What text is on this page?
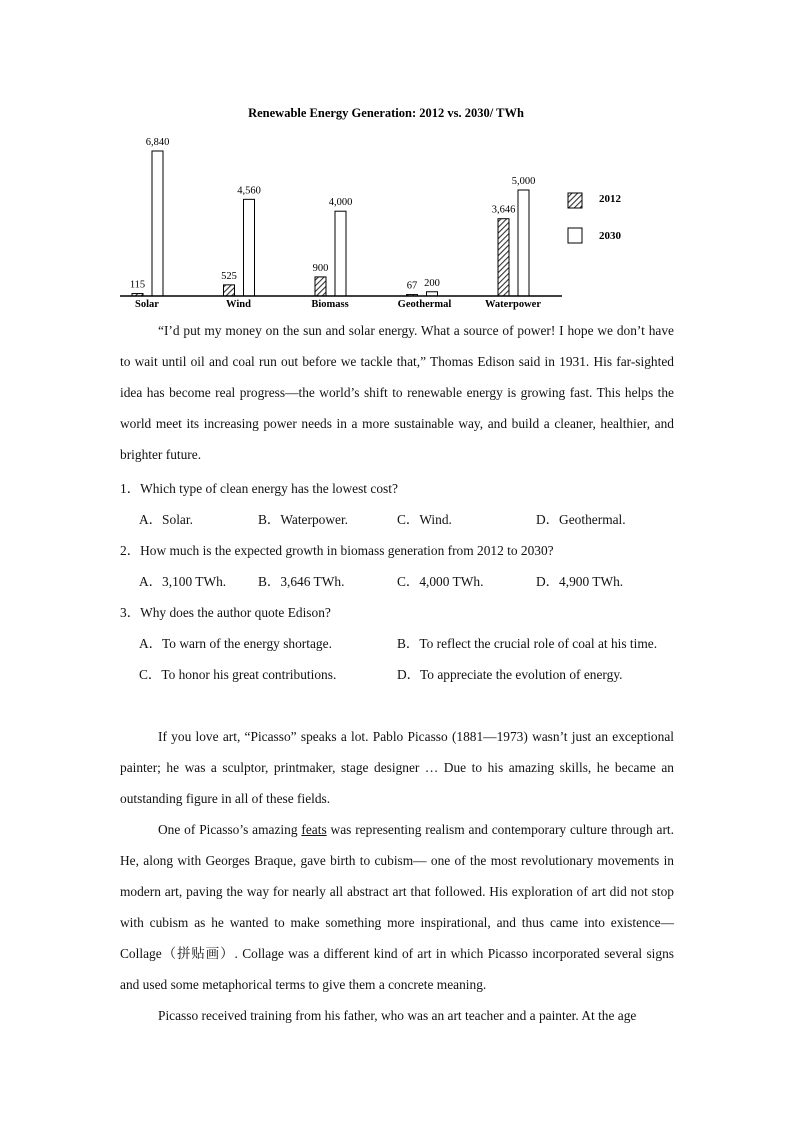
Renewable Energy Generation: 2012 vs. 2030/ TWh
115
6,840
Solar
525
4,560
Wind
900
4,000
Biomass
67 200
Geothermal
3,646
5,000
Waterpower
2012
2030

“I’d put my money on the sun and solar energy. What a source of power! I hope we don’t have to wait until oil and coal run out before we tackle that,” Thomas Edison said in 1931. His far-sighted idea has become real progress—the world’s shift to renewable energy is growing fast. This helps the world meet its increasing power needs in a more sustainable way, and build a cleaner, healthier, and brighter future.

1．Which type of clean energy has the lowest cost?

A．Solar.	B．Waterpower.	C．Wind.	D．Geothermal.

2．How much is the expected growth in biomass generation from 2012 to 2030?

A．3,100 TWh. B．3,646 TWh.	C．4,000 TWh.	D．4,900 TWh.

3．Why does the author quote Edison?

A．To warn of the energy shortage.	B．To reflect the crucial role of coal at his time.

C．To honor his great contributions.	D．To appreciate the evolution of energy.

If you love art, “Picasso” speaks a lot. Pablo Picasso (1881—1973) wasn’t just an exceptional painter; he was a sculptor, printmaker, stage designer … Due to his amazing skills, he became an outstanding figure in all of these fields.

One of Picasso’s amazing feats was representing realism and contemporary culture through art. He, along with Georges Braque, gave birth to cubism— one of the most revolutionary movements in modern art, paving the way for nearly all abstract art that followed. His exploration of art did not stop with cubism as he wanted to make something more inspirational, and thus came into existence—Collage（拼贴画）. Collage was a different kind of art in which Picasso incorporated several signs and used some metaphorical terms to give them a concrete meaning.

Picasso received training from his father, who was an art teacher and a painter. At the age
